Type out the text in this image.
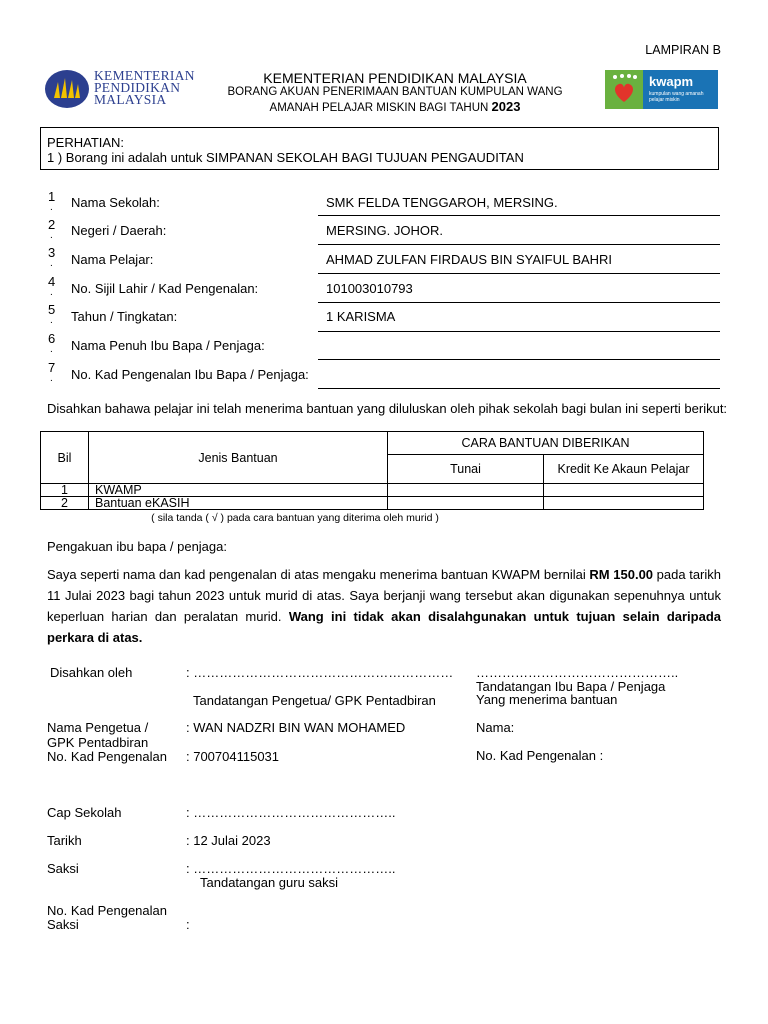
LAMPIRAN B
KEMENTERIAN
PENDIDIKAN
MALAYSIA
KEMENTERIAN PENDIDIKAN MALAYSIA
BORANG AKUAN PENERIMAAN BANTUAN KUMPULAN WANG
AMANAH PELAJAR MISKIN BAGI TAHUN 2023
kwapm
kumpulan wang amanah pelajar miskin
PERHATIAN:
1 ) Borang ini adalah untuk SIMPANAN SEKOLAH BAGI TUJUAN PENGAUDITAN
1
. Nama Sekolah:	SMK FELDA TENGGAROH, MERSING.
2
. Negeri / Daerah:	MERSING. JOHOR.
3
. Nama Pelajar:	AHMAD ZULFAN FIRDAUS BIN SYAIFUL BAHRI
4
. No. Sijil Lahir / Kad Pengenalan:	101003010793
5
. Tahun / Tingkatan:	1 KARISMA
6
. Nama Penuh Ibu Bapa / Penjaga:
7
. No. Kad Pengenalan Ibu Bapa / Penjaga:
Disahkan bahawa pelajar ini telah menerima bantuan yang diluluskan oleh pihak sekolah bagi bulan ini seperti berikut:
Bil	Jenis Bantuan	CARA BANTUAN DIBERIKAN	
		Tunai	Kredit Ke Akaun Pelajar
1	KWAMP		
2	Bantuan eKASIH		
( sila tanda ( √ ) pada cara bantuan yang diterima oleh murid )
Pengakuan ibu bapa / penjaga:
Saya seperti nama dan kad pengenalan di atas mengaku menerima bantuan KWAPM bernilai RM 150.00 pada tarikh 11 Julai 2023 bagi tahun 2023 untuk murid di atas. Saya berjanji wang tersebut akan digunakan sepenuhnya untuk keperluan harian dan peralatan murid. Wang ini tidak akan disalahgunakan untuk tujuan selain daripada perkara di atas.
Disahkan oleh	: ……………………………………………………
Tandatangan Pengetua/ GPK Pentadbiran
………………………………………..
Tandatangan Ibu Bapa / Penjaga
Yang menerima bantuan
Nama Pengetua /
GPK Pentadbiran
: WAN NADZRI BIN WAN MOHAMED
No. Kad Pengenalan : 700704115031
Nama:
No. Kad Pengenalan :
Cap Sekolah	: ………………………………………..
Tarikh	: 12 Julai 2023
Saksi	: ………………………………………..
Tandatangan guru saksi
No. Kad Pengenalan
Saksi	:
